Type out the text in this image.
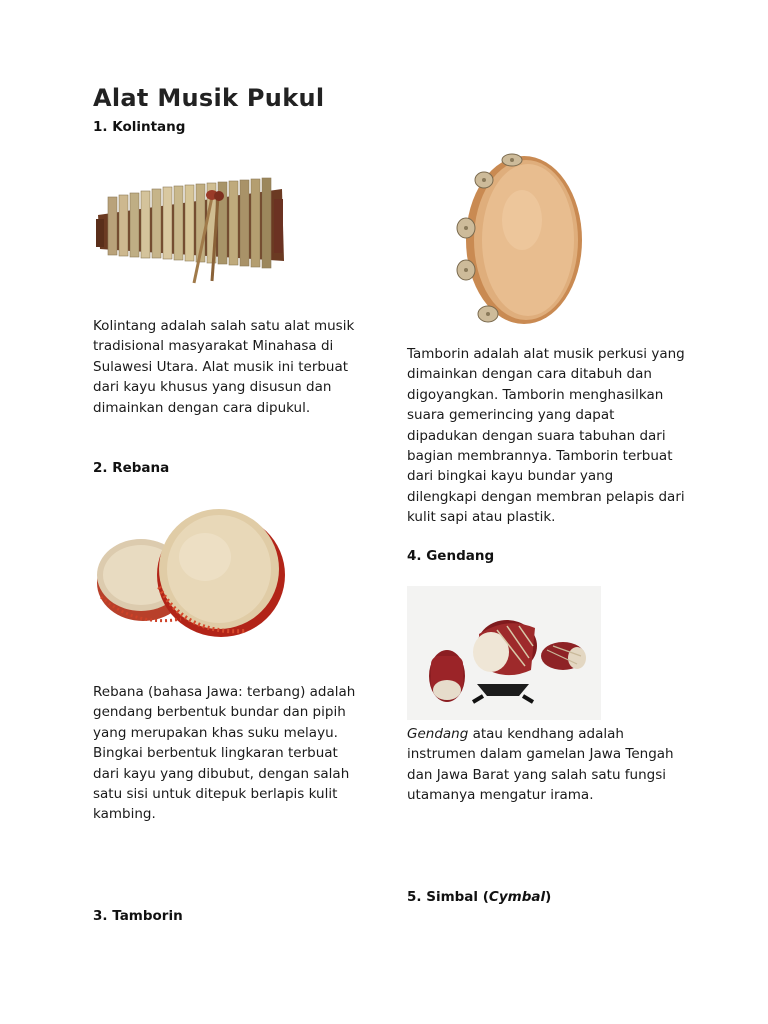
Alat Musik Pukul
1. Kolintang

Kolintang adalah salah satu alat musik tradisional masyarakat Minahasa di Sulawesi Utara. Alat musik ini terbuat dari kayu khusus yang disusun dan dimainkan dengan cara dipukul.

2. Rebana

Rebana (bahasa Jawa: terbang) adalah gendang berbentuk bundar dan pipih yang merupakan khas suku melayu. Bingkai berbentuk lingkaran terbuat dari kayu yang dibubut, dengan salah satu sisi untuk ditepuk berlapis kulit kambing.

3. Tamborin

Tamborin adalah alat musik perkusi yang dimainkan dengan cara ditabuh dan digoyangkan. Tamborin menghasilkan suara gemerincing yang dapat dipadukan dengan suara tabuhan dari bagian membrannya. Tamborin terbuat dari bingkai kayu bundar yang dilengkapi dengan membran pelapis dari kulit sapi atau plastik.

4. Gendang

Gendang atau kendhang adalah instrumen dalam gamelan Jawa Tengah dan Jawa Barat yang salah satu fungsi utamanya mengatur irama.

5. Simbal (Cymbal)
